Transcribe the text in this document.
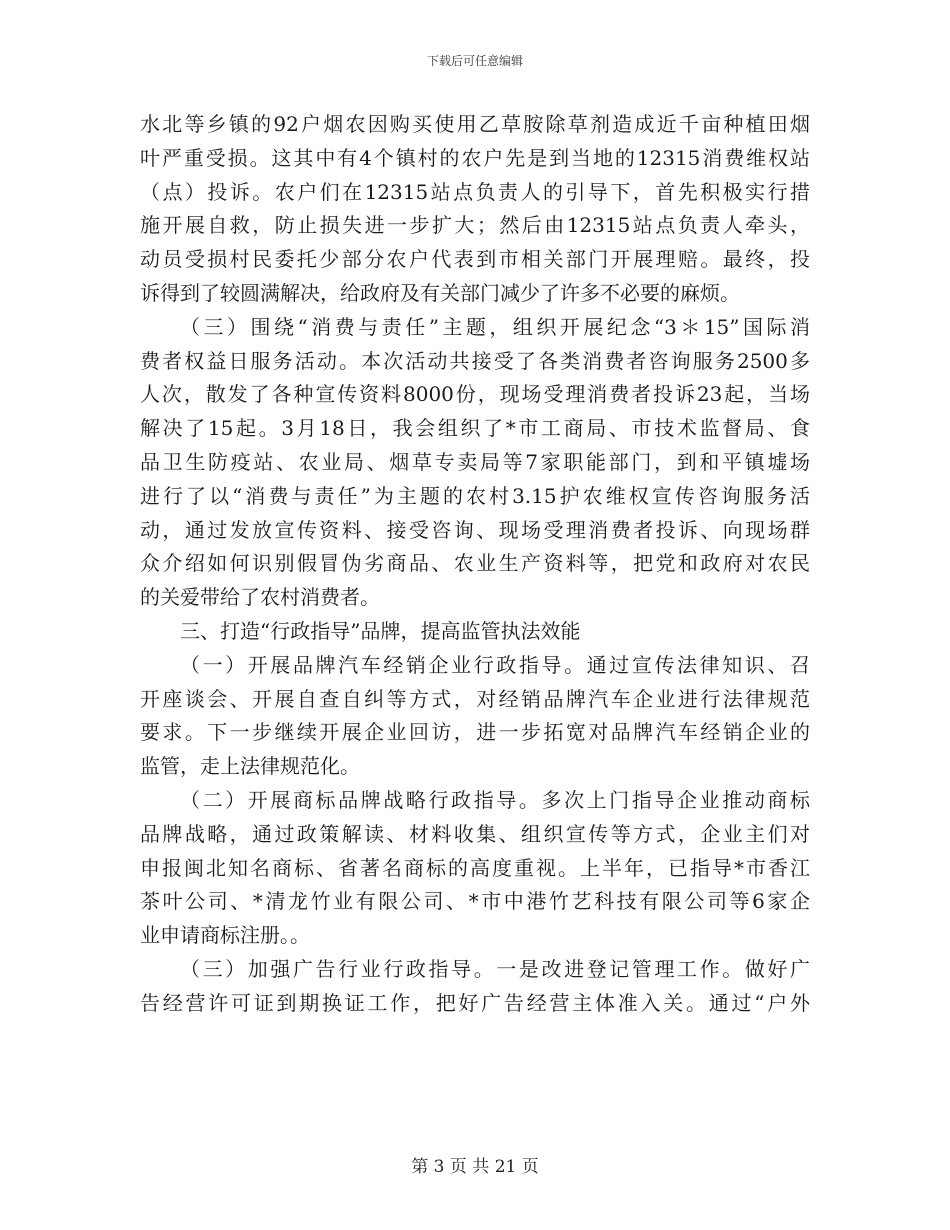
下载后可任意编辑
水北等乡镇的92户烟农因购买使用乙草胺除草剂造成近千亩种植田烟
叶严重受损。这其中有4个镇村的农户先是到当地的12315消费维权站
（点）投诉。农户们在12315站点负责人的引导下，首先积极实行措
施开展自救，防止损失进一步扩大；然后由12315站点负责人牵头，
动员受损村民委托少部分农户代表到市相关部门开展理赔。最终，投
诉得到了较圆满解决，给政府及有关部门减少了许多不必要的麻烦。
（三）围绕“消费与责任”主题，组织开展纪念“3＊15”国际消
费者权益日服务活动。本次活动共接受了各类消费者咨询服务2500多
人次，散发了各种宣传资料8000份，现场受理消费者投诉23起，当场
解决了15起。3月18日，我会组织了*市工商局、市技术监督局、食
品卫生防疫站、农业局、烟草专卖局等7家职能部门，到和平镇墟场
进行了以“消费与责任”为主题的农村3.15护农维权宣传咨询服务活
动，通过发放宣传资料、接受咨询、现场受理消费者投诉、向现场群
众介绍如何识别假冒伪劣商品、农业生产资料等，把党和政府对农民
的关爱带给了农村消费者。
三、打造“行政指导”品牌，提高监管执法效能
（一）开展品牌汽车经销企业行政指导。通过宣传法律知识、召
开座谈会、开展自查自纠等方式，对经销品牌汽车企业进行法律规范
要求。下一步继续开展企业回访，进一步拓宽对品牌汽车经销企业的
监管，走上法律规范化。
（二）开展商标品牌战略行政指导。多次上门指导企业推动商标
品牌战略，通过政策解读、材料收集、组织宣传等方式，企业主们对
申报闽北知名商标、省著名商标的高度重视。上半年，已指导*市香江
茶叶公司、*清龙竹业有限公司、*市中港竹艺科技有限公司等6家企
业申请商标注册。。
（三）加强广告行业行政指导。一是改进登记管理工作。做好广
告经营许可证到期换证工作，把好广告经营主体准入关。通过“户外
第 3 页 共 21 页
